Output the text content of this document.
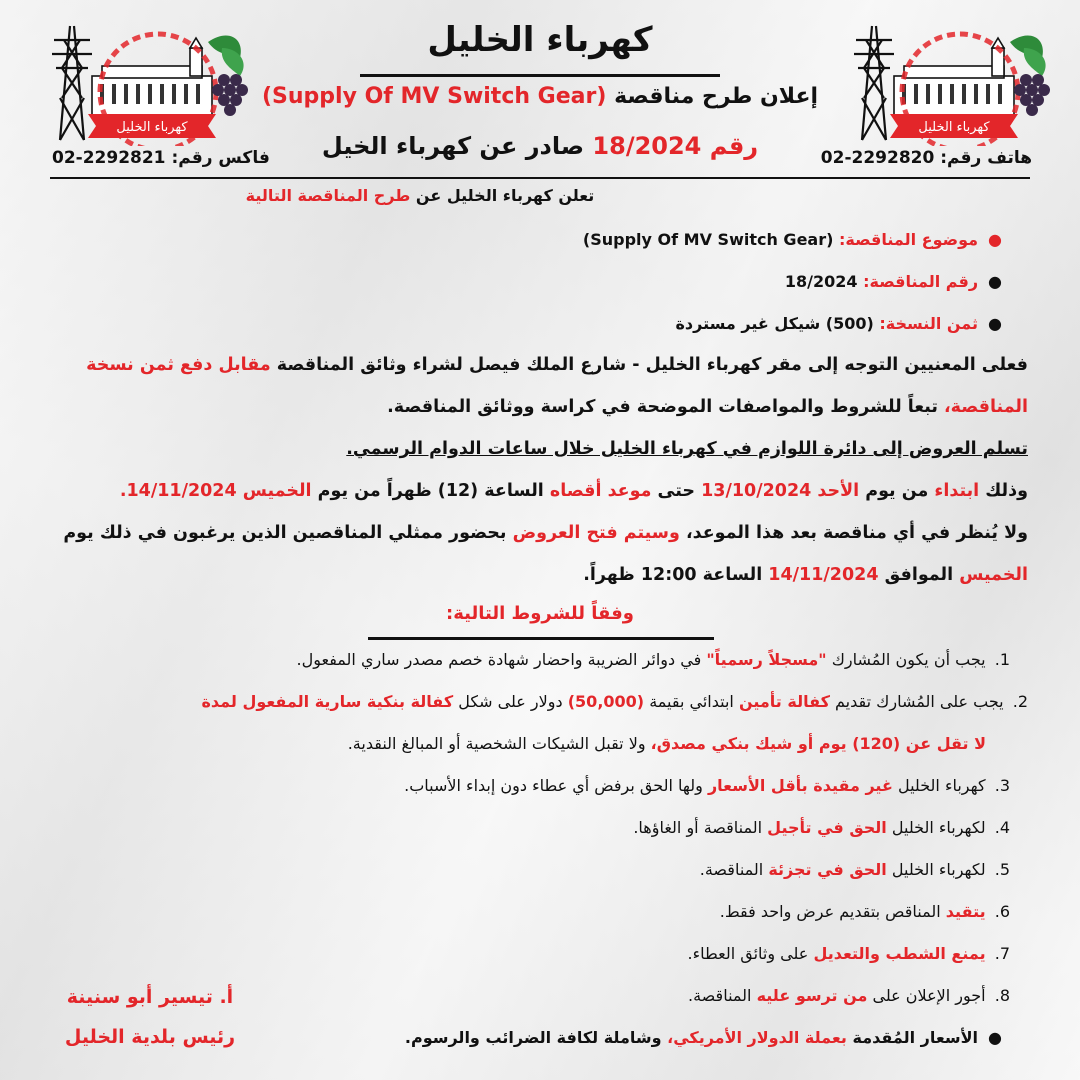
كهرباء الخليل	كهرباء الخليل
كهرباء الخليل
إعلان طرح مناقصة (Supply Of MV Switch Gear)
رقم 18/2024 صادر عن كهرباء الخيل	هاتف رقم: 02-2292820
فاكس رقم: 02-2292821
تعلن كهرباء الخليل عن طرح المناقصة التالية
●موضوع المناقصة: (Supply Of MV Switch Gear)
●رقم المناقصة: 18/2024
●ثمن النسخة: (500) شيكل غير مستردة
فعلى المعنيين التوجه إلى مقر كهرباء الخليل - شارع الملك فيصل لشراء وثائق المناقصة مقابل دفع ثمن نسخة
المناقصة، تبعاً للشروط والمواصفات الموضحة في كراسة ووثائق المناقصة.
تسلم العروض إلى دائرة اللوازم في كهرباء الخليل خلال ساعات الدوام الرسمي.
وذلك ابتداء من يوم الأحد 13/10/2024 حتى موعد أقصاه الساعة (12) ظهراً من يوم الخميس 14/11/2024.
ولا يُنظر في أي مناقصة بعد هذا الموعد، وسيتم فتح العروض بحضور ممثلي المناقصين الذين يرغبون في ذلك يوم
الخميس الموافق 14/11/2024 الساعة 12:00 ظهراً.
وفقاً للشروط التالية:
1. يجب أن يكون المُشارك "مسجلاً رسمياً" في دوائر الضريبة واحضار شهادة خصم مصدر ساري المفعول.
2. يجب على المُشارك تقديم كفالة تأمين ابتدائي بقيمة (50,000) دولار على شكل كفالة بنكية سارية المفعول لمدة
لا تقل عن (120) يوم أو شيك بنكي مصدق، ولا تقبل الشيكات الشخصية أو المبالغ النقدية.
3. كهرباء الخليل غير مقيدة بأقل الأسعار ولها الحق برفض أي عطاء دون إبداء الأسباب.
4. لكهرباء الخليل الحق في تأجيل المناقصة أو الغاؤها.
5. لكهرباء الخليل الحق في تجزئة المناقصة.
6. يتقيد المناقص بتقديم عرض واحد فقط.
7. يمنع الشطب والتعديل على وثائق العطاء.
8. أجور الإعلان على من ترسو عليه المناقصة.
●الأسعار المُقدمة بعملة الدولار الأمريكي، وشاملة لكافة الضرائب والرسوم.
أ. تيسير أبو سنينة
رئيس بلدية الخليل
